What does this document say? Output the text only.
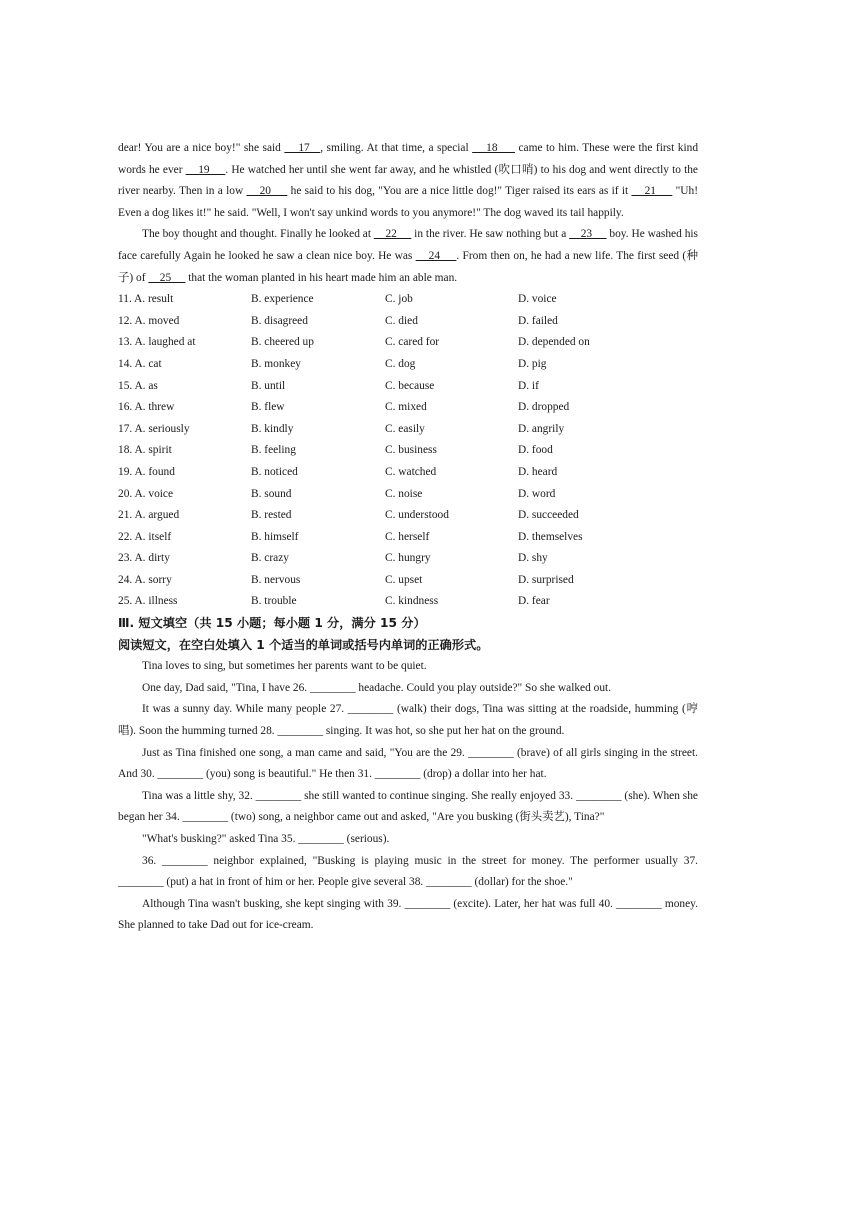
dear! You are a nice boy!" she said     17   , smiling. At that time, a special     18      came to him. These were the first kind words he ever     19     . He watched her until she went far away, and he whistled (吹口哨) to his dog and went directly to the river nearby. Then in a low     20      he said to his dog, "You are a nice little dog!" Tiger raised its ears as if it     21      "Uh! Even a dog likes it!" he said. "Well, I won't say unkind words to you anymore!" The dog waved its tail happily.

The boy thought and thought. Finally he looked at     22      in the river. He saw nothing but a     23      boy. He washed his face carefully Again he looked he saw a clean nice boy. He was     24     . From then on, he had a new life. The first seed (种子) of     25      that the woman planted in his heart made him an able man.

11. A. result	B. experience	C. job	D. voice
12. A. moved	B. disagreed	C. died	D. failed
13. A. laughed at	B. cheered up	C. cared for	D. depended on
14. A. cat	B. monkey	C. dog	D. pig
15. A. as	B. until	C. because	D. if
16. A. threw	B. flew	C. mixed	D. dropped
17. A. seriously	B. kindly	C. easily	D. angrily
18. A. spirit	B. feeling	C. business	D. food
19. A. found	B. noticed	C. watched	D. heard
20. A. voice	B. sound	C. noise	D. word
21. A. argued	B. rested	C. understood	D. succeeded
22. A. itself	B. himself	C. herself	D. themselves
23. A. dirty	B. crazy	C. hungry	D. shy
24. A. sorry	B. nervous	C. upset	D. surprised
25. A. illness	B. trouble	C. kindness	D. fear

Ⅲ. 短文填空（共 15 小题；每小题 1 分，满分 15 分）

阅读短文，在空白处填入 1 个适当的单词或括号内单词的正确形式。

Tina loves to sing, but sometimes her parents want to be quiet.

One day, Dad said, "Tina, I have 26. ________ headache. Could you play outside?" So she walked out.

It was a sunny day. While many people 27. ________ (walk) their dogs, Tina was sitting at the roadside, humming (哼唱). Soon the humming turned 28. ________ singing. It was hot, so she put her hat on the ground.

Just as Tina finished one song, a man came and said, "You are the 29. ________ (brave) of all girls singing in the street. And 30. ________ (you) song is beautiful." He then 31. ________ (drop) a dollar into her hat.

Tina was a little shy, 32. ________ she still wanted to continue singing. She really enjoyed 33. ________ (she). When she began her 34. ________ (two) song, a neighbor came out and asked, "Are you busking (街头卖艺), Tina?"

"What's busking?" asked Tina 35. ________ (serious).

36. ________ neighbor explained, "Busking is playing music in the street for money. The performer usually 37. ________ (put) a hat in front of him or her. People give several 38. ________ (dollar) for the shoe."

Although Tina wasn't busking, she kept singing with 39. ________ (excite). Later, her hat was full 40. ________ money. She planned to take Dad out for ice-cream.
